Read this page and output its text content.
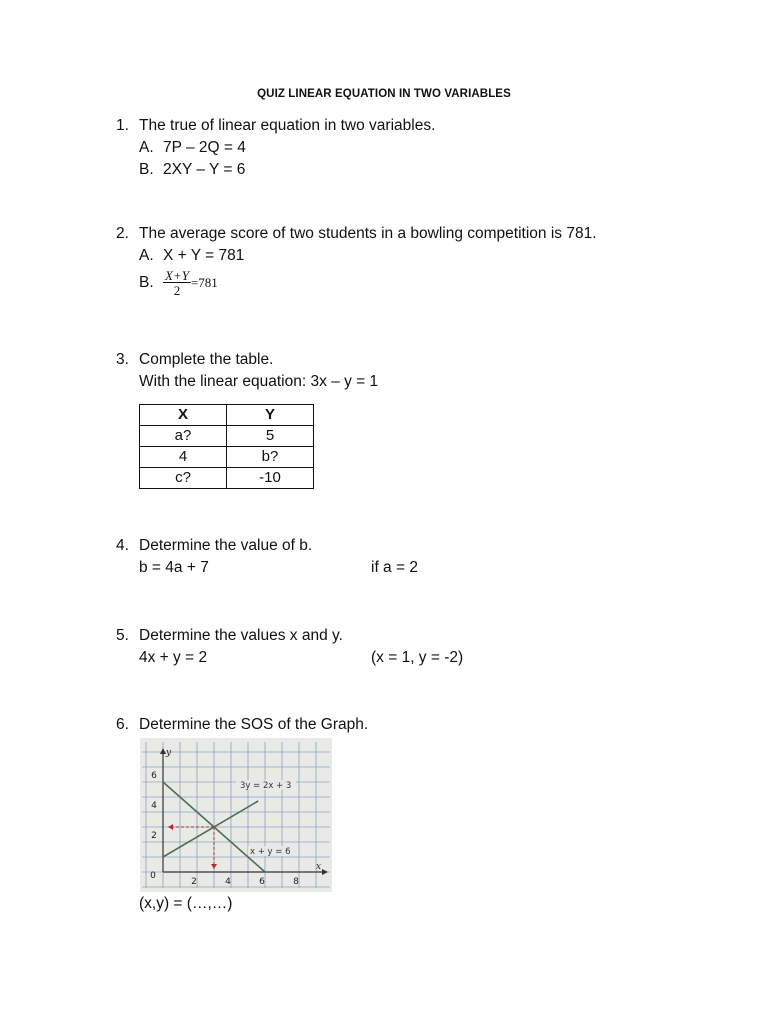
QUIZ LINEAR EQUATION IN TWO VARIABLES
1. The true of linear equation in two variables.
A. 7P – 2Q = 4
B. 2XY – Y = 6
2. The average score of two students in a bowling competition is 781.
A. X + Y = 781
B. $\frac{X+Y}{2} =781$
3. Complete the table.
With the linear equation: 3x – y = 1
X	Y
a?	5
4	b?
c?	-10
4. Determine the value of b.
b = 4a + 7	if a = 2
5. Determine the values x and y.
4x + y = 2	(x = 1, y = -2)
6. Determine the SOS of the Graph.
2	4	6	8
2
4
6
0
x
y
3y = 2x + 3
x + y = 6
(x,y) = (…,…)
